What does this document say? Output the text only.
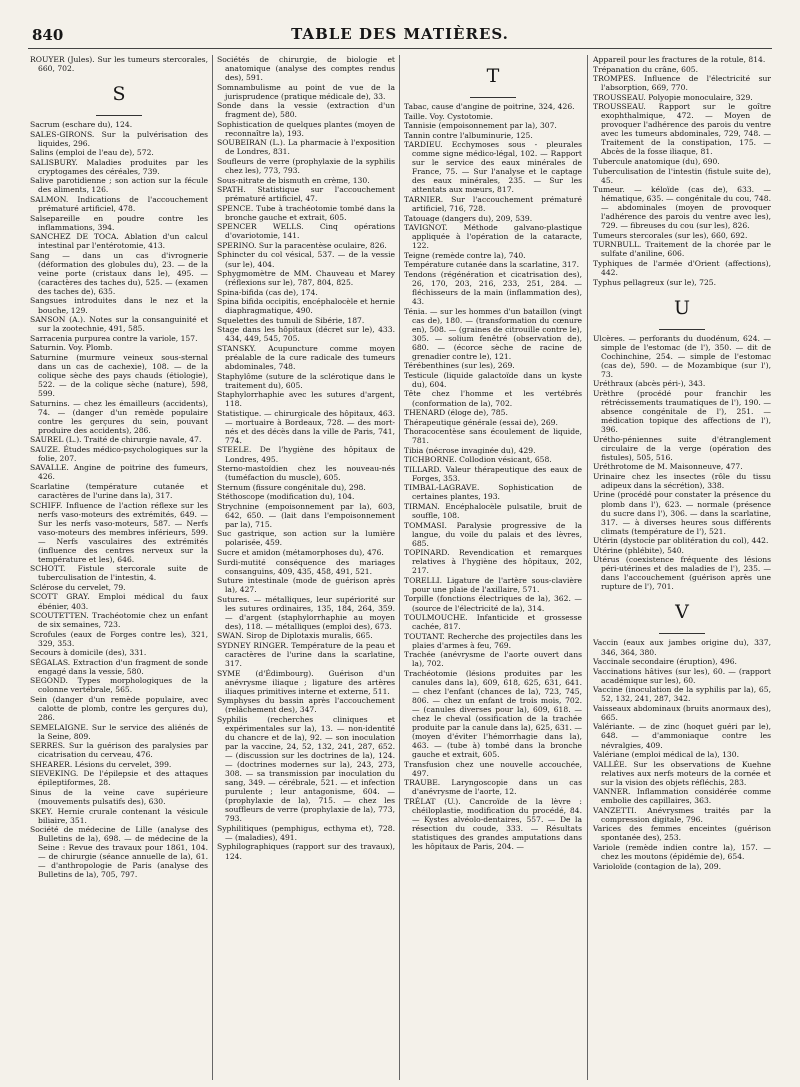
840	TABLE DES MATIÈRES.
ROUYER (Jules). Sur les tumeurs stercorales, 660, 702.
S
Sacrum (eschare du), 124.
SALES-GIRONS. Sur la pulvérisation des liquides, 296.
Salins (emploi de l'eau de), 572.
SALISBURY. Maladies produites par les cryptogames des céréales, 739.
Salive parotidienne ; son action sur la fécule des aliments, 126.
SALMON. Indications de l'accouchement prématuré artificiel, 478.
Salsepareille en poudre contre les inflammations, 394.
SANCHEZ DE TOCA. Ablation d'un calcul intestinal par l'entérotomie, 413.
Sang — dans un cas d'ivrognerie (déformation des globules du), 23. — de la veine porte (cristaux dans le), 495. — (caractères des taches du), 525. — (examen des taches de), 635.
Sangsues introduites dans le nez et la bouche, 129.
SANSON (A.). Notes sur la consanguinité et sur la zootechnie, 491, 585.
Sarracenia purpurea contre la variole, 157.
Saturnin. Voy. Plomb.
Saturnine (murmure veineux sous-sternal dans un cas de cachexie), 108. — de la colique sèche des pays chauds (étiologie), 522. — de la colique sèche (nature), 598, 599.
Saturnins. — chez les émailleurs (accidents), 74. — (danger d'un remède populaire contre les gerçures du sein, pouvant produire des accidents), 286.
SAUREL (L.). Traité de chirurgie navale, 47.
SAUZE. Études médico-psychologiques sur la folie, 207.
SAVALLE. Angine de poitrine des fumeurs, 426.
Scarlatine (température cutanée et caractères de l'urine dans la), 317.
SCHIFF. Influence de l'action réflexe sur les nerfs vaso-moteurs des extrémités, 649. — Sur les nerfs vaso-moteurs, 587. — Nerfs vaso-moteurs des membres inférieurs, 599. — Nerfs vasculaires des extrémités (influence des centres nerveux sur la température et les), 646.
SCHOTT. Fistule stercorale suite de tuberculisation de l'intestin, 4.
Sclérose du cervelet, 79.
SCOTT GRAY. Emploi médical du faux ébénier, 403.
SCOUTETTEN. Trachéotomie chez un enfant de six semaines, 723.
Scrofules (eaux de Forges contre les), 321, 329, 353.
Secours à domicile (des), 331.
SÉGALAS. Extraction d'un fragment de sonde engagé dans la vessie, 580.
SEGOND. Types morphologiques de la colonne vertébrale, 565.
Sein (danger d'un remède populaire, avec calotte de plomb, contre les gerçures du), 286.
SEMELAIGNE. Sur le service des aliénés de la Seine, 809.
SERRES. Sur la guérison des paralysies par cicatrisation du cerveau, 476.
SHEARER. Lésions du cervelet, 399.
SIEVEKING. De l'épilepsie et des attaques épileptiformes, 28.
Sinus de la veine cave supérieure (mouvements pulsatifs des), 630.
SKEY. Hernie crurale contenant la vésicule biliaire, 351.
Société de médecine de Lille (analyse des Bulletins de la), 698. — de médecine de la Seine : Revue des travaux pour 1861, 104. — de chirurgie (séance annuelle de la), 61. — d'anthropologie de Paris (analyse des Bulletins de la), 705, 797.
Sociétés de chirurgie, de biologie et anatomique (analyse des comptes rendus des), 591.
Somnambulisme au point de vue de la jurisprudence (pratique médicale de), 33.
Sonde dans la vessie (extraction d'un fragment de), 580.
Sophistication de quelques plantes (moyen de reconnaître la), 193.
SOUBEIRAN (L.). La pharmacie à l'exposition de Londres, 831.
Soufleurs de verre (prophylaxie de la syphilis chez les), 773, 793.
Sous-nitrate de bismuth en crème, 130.
SPATH. Statistique sur l'accouchement prématuré artificiel, 47.
SPENCE. Tube à trachéotomie tombé dans la bronche gauche et extrait, 605.
SPENCER WELLS. Cinq opérations d'ovariotomie, 141.
SPERINO. Sur la paracentèse oculaire, 826.
Sphincter du col vésical, 537. — de la vessie (sur le), 404.
Sphygmomètre de MM. Chauveau et Marey (réflexions sur le), 787, 804, 825.
Spina-bifida (cas de), 174.
Spina bifida occipitis, encéphalocèle et hernie diaphragmatique, 490.
Squelettes des tumuli de Sibérie, 187.
Stage dans les hôpitaux (décret sur le), 433. 434, 449, 545, 705.
STANSKY. Acupuncture comme moyen préalable de la cure radicale des tumeurs abdominales, 748.
Staphylôme (suture de la sclérotique dans le traitement du), 605.
Staphylorrhaphie avec les sutures d'argent, 118.
Statistique. — chirurgicale des hôpitaux, 463. — mortuaire à Bordeaux, 728. — des mort-nés et des décès dans la ville de Paris, 741, 774.
STEELE. De l'hygiène des hôpitaux de Londres, 495.
Sterno-mastoïdien chez les nouveau-nés (tuméfaction du muscle), 605.
Sternum (fissure congénitale du), 298.
Stéthoscope (modification du), 104.
Strychnine (empoisonnement par la), 603, 642, 650. — (lait dans l'empoisonnement par la), 715.
Suc gastrique, son action sur la lumière polarisée, 459.
Sucre et amidon (métamorphoses du), 476.
Surdi-mutité conséquence des mariages consanguins, 409, 435, 458, 491, 521.
Suture intestinale (mode de guérison après la), 427.
Sutures. — métalliques, leur supériorité sur les sutures ordinaires, 135, 184, 264, 359. — d'argent (staphylorrhaphie au moyen des), 118. — métalliques (emploi des), 673.
SWAN. Sirop de Diplotaxis muralis, 665.
SYDNEY RINGER. Température de la peau et caractères de l'urine dans la scarlatine, 317.
SYME (d'Édimbourg). Guérison d'un anévrysme iliaque ; ligature des artères iliaques primitives interne et externe, 511.
Symphyses du bassin après l'accouchement (relâchement des), 347.
Syphilis (recherches cliniques et expérimentales sur la), 13. — non-identité du chancre et de la), 92. — son inoculation par la vaccine, 24, 52, 132, 241, 287, 652. — (discussion sur les doctrines de la), 124. — (doctrines modernes sur la), 243, 273, 308. — sa transmission par inoculation du sang, 349. — cérébrale, 521. — et infection purulente ; leur antagonisme, 604. — (prophylaxie de la), 715. — chez les souffleurs de verre (prophylaxie de la), 773, 793.
Syphilitiques (pemphigus, ecthyma et), 728. — (maladies), 491.
Syphilographiques (rapport sur des travaux), 124.
T
Tabac, cause d'angine de poitrine, 324, 426.
Taille. Voy. Cystotomie.
Tannisie (empoisonnement par la), 307.
Tannin contre l'albuminurie, 125.
TARDIEU. Ecchymoses sous - pleurales comme signe médico-légal, 102. — Rapport sur le service des eaux minérales de France, 75. — Sur l'analyse et le captage des eaux minérales, 235. — Sur les attentats aux mœurs, 817.
TARNIER. Sur l'accouchement prématuré artificiel, 716, 728.
Tatouage (dangers du), 209, 539.
TAVIGNOT. Méthode galvano-plastique appliquée à l'opération de la cataracte, 122.
Teigne (remède contre la), 740.
Température cutanée dans la scarlatine, 317.
Tendons (régénération et cicatrisation des), 26, 170, 203, 216, 233, 251, 284. — fléchisseurs de la main (inflammation des), 43.
Ténia. — sur les hommes d'un bataillon (vingt cas de), 180. — (transformation du cœnure en), 508. — (graines de citrouille contre le), 305. — solium fenêtré (observation de), 680. — (écorce sèche de racine de grenadier contre le), 121.
Térébenthines (sur les), 269.
Testicule (liquide galactoïde dans un kyste du), 604.
Tête chez l'homme et les vertébrés (conformation de la), 702.
THENARD (éloge de), 785.
Thérapeutique générale (essai de), 269.
Thoracocentèse sans écoulement de liquide, 781.
Tibia (nécrose invaginée du), 429.
TICHBORNE. Collodion vésicant, 658.
TILLARD. Valeur thérapeutique des eaux de Forges, 353.
TIMBAL-LAGRAVE. Sophistication de certaines plantes, 193.
TIRMAN. Encéphalocèle pulsatile, bruit de souffle, 108.
TOMMASI. Paralysie progressive de la langue, du voile du palais et des lèvres, 685.
TOPINARD. Revendication et remarques relatives à l'hygiène des hôpitaux, 202, 217.
TORELLI. Ligature de l'artère sous-clavière pour une plaie de l'axillaire, 571.
Torpille (fonctions électriques de la), 362. — (source de l'électricité de la), 314.
TOULMOUCHE. Infanticide et grossesse cachée, 817.
TOUTANT. Recherche des projectiles dans les plaies d'armes à feu, 769.
Trachée (anévrysme de l'aorte ouvert dans la), 702.
Trachéotomie (lésions produites par les canules dans la), 609, 618, 625, 631, 641. — chez l'enfant (chances de la), 723, 745, 806. — chez un enfant de trois mois, 702. — (canules diverses pour la), 609, 618. — chez le cheval (ossification de la trachée produite par la canule dans la), 625, 631. — (moyen d'éviter l'hémorrhagie dans la), 463. — (tube à) tombé dans la bronche gauche et extrait, 605.
Transfusion chez une nouvelle accouchée, 497.
TRAUBE. Laryngoscopie dans un cas d'anévrysme de l'aorte, 12.
TRÉLAT (U.). Cancroïde de la lèvre : chéiloplastie, modification du procédé, 84. — Kystes alvéolo-dentaires, 557. — De la résection du coude, 333. — Résultats statistiques des grandes amputations dans les hôpitaux de Paris, 204. —
Appareil pour les fractures de la rotule, 814.
Trépanation du crâne, 605.
TROMPES. Influence de l'électricité sur l'absorption, 669, 770.
TROUSSEAU. Polyopie monoculaire, 329.
TROUSSEAU. Rapport sur le goître exophthalmique, 472. — Moyen de provoquer l'adhérence des parois du ventre avec les tumeurs abdominales, 729, 748. — Traitement de la constipation, 175. — Abcès de la fosse iliaque, 81.
Tubercule anatomique (du), 690.
Tuberculisation de l'intestin (fistule suite de), 45.
Tumeur. — kéloïde (cas de), 633. — hématique, 635. — congénitale du cou, 748. — abdominales (moyen de provoquer l'adhérence des parois du ventre avec les), 729. — fibreuses du cou (sur les), 826.
Tumeurs stercorales (sur les), 660, 692.
TURNBULL. Traitement de la chorée par le sulfate d'aniline, 606.
Typhiques de l'armée d'Orient (affections), 442.
Typhus pellagreux (sur le), 725.
U
Ulcères. — perforants du duodénum, 624. — simple de l'estomac (de l'), 350. — dit de Cochinchine, 254. — simple de l'estomac (cas de), 590. — de Mozambique (sur l'), 73.
Uréthraux (abcès péri-), 343.
Urèthre (procédé pour franchir les rétrécissements traumatiques de l'), 190. — absence congénitale de l'), 251. — médication topique des affections de l'), 396.
Urétho-péniennes suite d'étranglement circulaire de la verge (opération des fistules), 505, 516.
Uréthrotome de M. Maisonneuve, 477.
Urinaire chez les insectes (rôle du tissu adipeux dans la sécrétion), 338.
Urine (procédé pour constater la présence du plomb dans l'), 623. — normale (présence du sucre dans l'), 306. — dans la scarlatine, 317. — à diverses heures sous différents climats (température de l'), 521.
Utérin (dystocie par oblitération du col), 442.
Utérine (phlébite), 540.
Utérus (coexistence fréquente des lésions péri-utérines et des maladies de l'), 235. — dans l'accouchement (guérison après une rupture de l'), 701.
V
Vaccin (eaux aux jambes origine du), 337, 346, 364, 380.
Vaccinale secondaire (éruption), 496.
Vaccinations hâtives (sur les), 60. — (rapport académique sur les), 60.
Vaccine (inoculation de la syphilis par la), 65, 52, 132, 241, 287, 342.
Vaisseaux abdominaux (bruits anormaux des), 665.
Valériante. — de zinc (hoquet guéri par le), 648. — d'ammoniaque contre les névralgies, 409.
Valériane (emploi médical de la), 130.
VALLÉE. Sur les observations de Kuehne relatives aux nerfs moteurs de la cornée et sur la vision des objets réfléchis, 283.
VANNER. Inflammation considérée comme embolie des capillaires, 363.
VANZETTI. Anévrysmes traités par la compression digitale, 796.
Varices des femmes enceintes (guérison spontanée des), 253.
Variole (remède indien contre la), 157. — chez les moutons (épidémie de), 654.
Varioloïde (contagion de la), 209.
